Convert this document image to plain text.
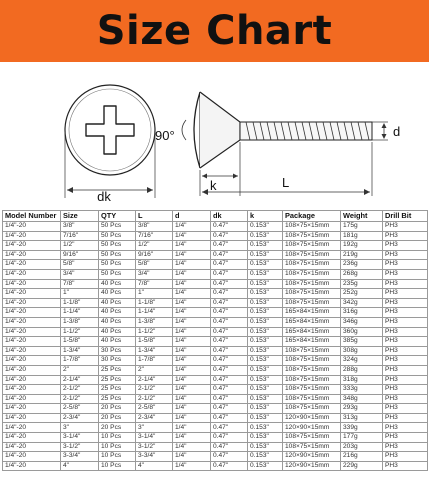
Size Chart
dk
90°	d
k	L
Model Number	Size	QTY	L	d	dk	k	Package	Weight	Drill Bit
1/4"-20	3/8"	50 Pcs	3/8"	1/4"	0.47"	0.153"	108×75×15mm	175g	PH3
1/4"-20	7/16"	50 Pcs	7/16"	1/4"	0.47"	0.153"	108×75×15mm	181g	PH3
1/4"-20	1/2"	50 Pcs	1/2"	1/4"	0.47"	0.153"	108×75×15mm	192g	PH3
1/4"-20	9/16"	50 Pcs	9/16"	1/4"	0.47"	0.153"	108×75×15mm	219g	PH3
1/4"-20	5/8"	50 Pcs	5/8"	1/4"	0.47"	0.153"	108×75×15mm	236g	PH3
1/4"-20	3/4"	50 Pcs	3/4"	1/4"	0.47"	0.153"	108×75×15mm	268g	PH3
1/4"-20	7/8"	40 Pcs	7/8"	1/4"	0.47"	0.153"	108×75×15mm	235g	PH3
1/4"-20	1"	40 Pcs	1"	1/4"	0.47"	0.153"	108×75×15mm	252g	PH3
1/4"-20	1-1/8"	40 Pcs	1-1/8"	1/4"	0.47"	0.153"	108×75×15mm	342g	PH3
1/4"-20	1-1/4"	40 Pcs	1-1/4"	1/4"	0.47"	0.153"	165×84×15mm	316g	PH3
1/4"-20	1-3/8"	40 Pcs	1-3/8"	1/4"	0.47"	0.153"	165×84×15mm	346g	PH3
1/4"-20	1-1/2"	40 Pcs	1-1/2"	1/4"	0.47"	0.153"	165×84×15mm	360g	PH3
1/4"-20	1-5/8"	40 Pcs	1-5/8"	1/4"	0.47"	0.153"	165×84×15mm	385g	PH3
1/4"-20	1-3/4"	30 Pcs	1-3/4"	1/4"	0.47"	0.153"	108×75×15mm	308g	PH3
1/4"-20	1-7/8"	30 Pcs	1-7/8"	1/4"	0.47"	0.153"	108×75×15mm	324g	PH3
1/4"-20	2"	25 Pcs	2"	1/4"	0.47"	0.153"	108×75×15mm	288g	PH3
1/4"-20	2-1/4"	25 Pcs	2-1/4"	1/4"	0.47"	0.153"	108×75×15mm	318g	PH3
1/4"-20	2-1/2"	25 Pcs	2-1/2"	1/4"	0.47"	0.153"	108×75×15mm	333g	PH3
1/4"-20	2-1/2"	25 Pcs	2-1/2"	1/4"	0.47"	0.153"	108×75×15mm	348g	PH3
1/4"-20	2-5/8"	20 Pcs	2-5/8"	1/4"	0.47"	0.153"	108×75×15mm	293g	PH3
1/4"-20	2-3/4"	20 Pcs	2-3/4"	1/4"	0.47"	0.153"	120×90×15mm	313g	PH3
1/4"-20	3"	20 Pcs	3"	1/4"	0.47"	0.153"	120×90×15mm	339g	PH3
1/4"-20	3-1/4"	10 Pcs	3-1/4"	1/4"	0.47"	0.153"	108×75×15mm	177g	PH3
1/4"-20	3-1/2"	10 Pcs	3-1/2"	1/4"	0.47"	0.153"	108×75×15mm	203g	PH3
1/4"-20	3-3/4"	10 Pcs	3-3/4"	1/4"	0.47"	0.153"	120×90×15mm	216g	PH3
1/4"-20	4"	10 Pcs	4"	1/4"	0.47"	0.153"	120×90×15mm	229g	PH3
